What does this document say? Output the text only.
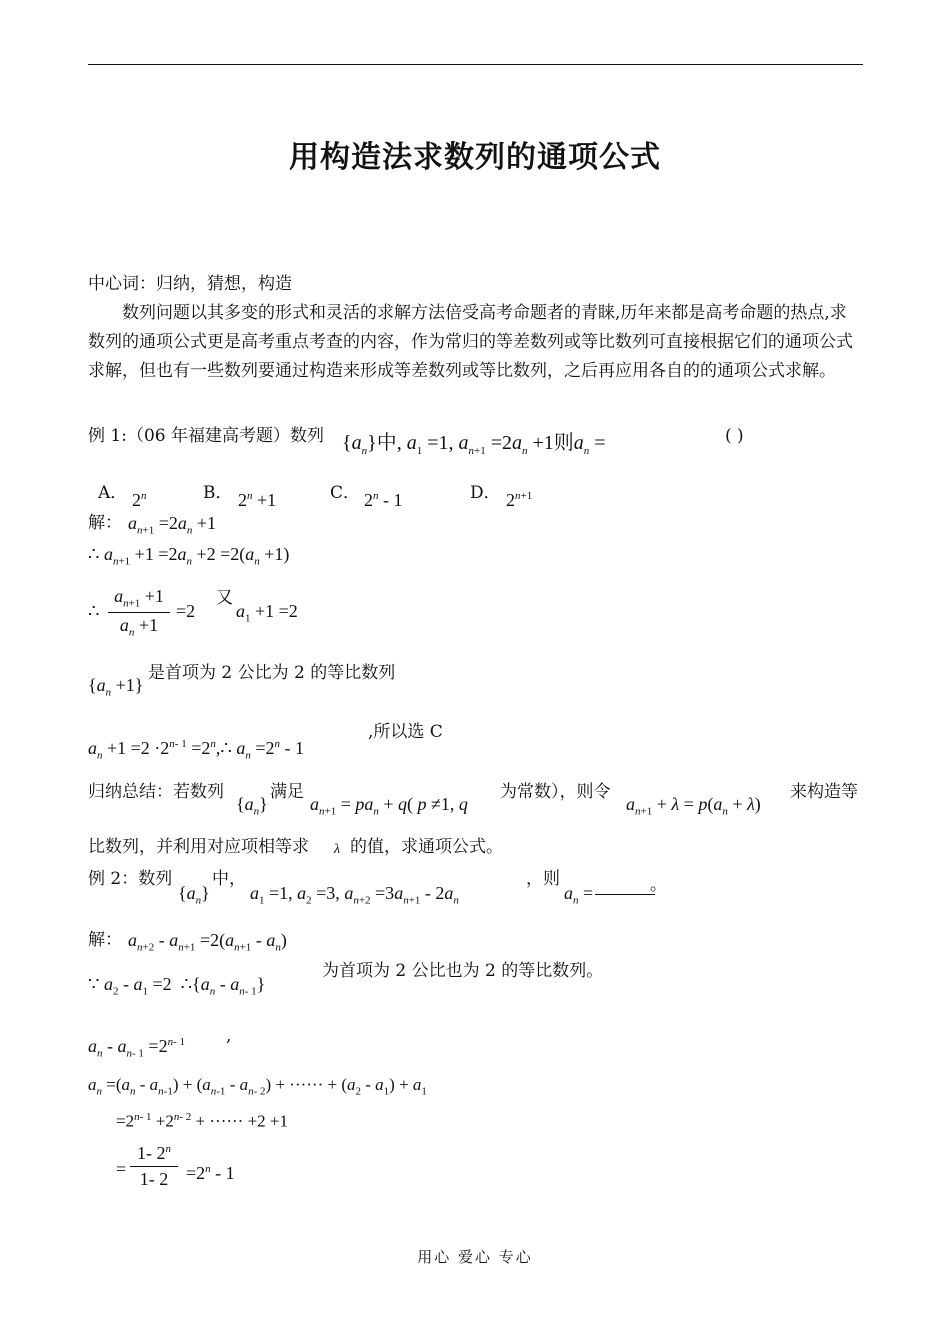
用构造法求数列的通项公式
中心词：归纳，猜想，构造
数列问题以其多变的形式和灵活的求解方法倍受高考命题者的青睐,历年来都是高考命题的热点,求数列的通项公式更是高考重点考查的内容，作为常归的等差数列或等比数列可直接根据它们的通项公式求解，但也有一些数列要通过构造来形成等差数列或等比数列，之后再应用各自的的通项公式求解。
例 1:（06 年福建高考题）数列 $\{a_n\}$中, $a_1 =1$, $a_{n+1} =2a_n +1$则$a_n$ =	( )
A． 2$^n$	B． $2^n +1$	C． 2$^n$ - 1	D． $2^{n+1}$
解： $a_{n+1} =2a_n +1$
∴ $a_{n+1} +1 =2a_n +2 =2(a_n +1)$
∴
$a_{n+1} +1$
$a_n +1$
=2
又
$a_1 +1 =2$
$\{a_n +1\}$
是首项为 2 公比为 2 的等比数列
$a_n +1 =2 \cdot 2^{n- 1}$ $=2^n,\therefore$ $a_n =2^n - 1$
,所以选 C
归纳总结：若数列
$\{a_n\}$
满足
$a_{n+1} = pa_n + q$( p ≠1, q
为常数），则令
$a_{n+1} + \lambda = p(a_n + \lambda)$
来构造等
比数列，并利用对应项相等求 λ 的值，求通项公式。
例 2：数列
$\{a_n\}$
中，
$a_1 =1$, $a_2 =3$, $a_{n+2} =3a_{n+1} - 2a_n$
，则
$a_n$ =	。
解： $a_{n+2} - a_{n+1} =2(a_{n+1} - a_n)$
∵ $a_2 - a_1 =2$  $\therefore\{a_n - a_{n- 1}\}$
为首项为 2 公比也为 2 的等比数列。
$a_n - a_{n- 1} =2^{n- 1}$ ,
$a_n =(a_n - a_{n-1}) + (a_{n-1} - a_{n- 2})$ + ······ + $(a_2 - a_1) + a_1$
$=2^{n- 1} +2^{n- 2}$ + ······ +2 +1
=
1- 2$^n$
1- $2 =2^n - 1$
用心 爱心 专心
